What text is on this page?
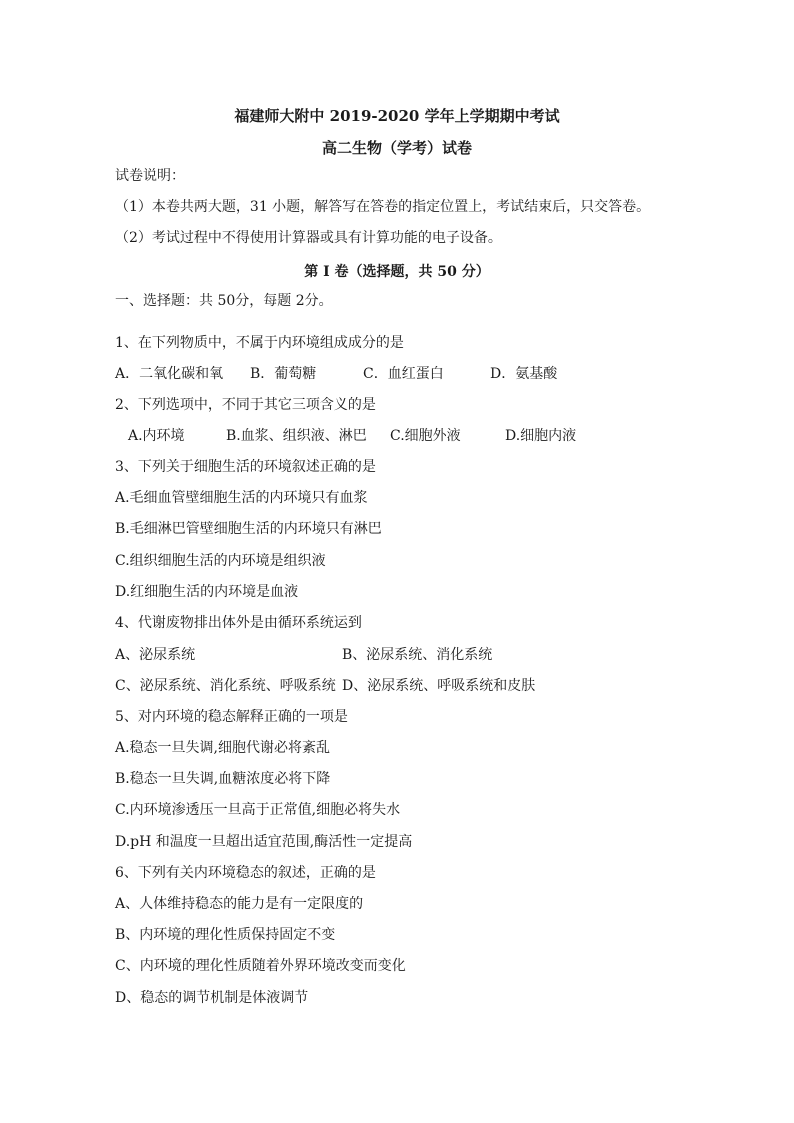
福建师大附中 2019-2020 学年上学期期中考试
高二生物（学考）试卷
试卷说明：
（1）本卷共两大题，31 小题，解答写在答卷的指定位置上，考试结束后，只交答卷。
（2）考试过程中不得使用计算器或具有计算功能的电子设备。
第 I 卷（选择题，共 50 分）
一、选择题：共 50分，每题 2分。
1、在下列物质中，不属于内环境组成成分的是
A．二氧化碳和氧 B．葡萄糖	C．血红蛋白	D．氨基酸
2、下列选项中，不同于其它三项含义的是
A.内环境	B.血浆、组织液、淋巴 C.细胞外液	D.细胞内液
3、下列关于细胞生活的环境叙述正确的是
A.毛细血管壁细胞生活的内环境只有血浆
B.毛细淋巴管壁细胞生活的内环境只有淋巴
C.组织细胞生活的内环境是组织液
D.红细胞生活的内环境是血液
4、代谢废物排出体外是由循环系统运到
A、泌尿系统	B、泌尿系统、消化系统
C、泌尿系统、消化系统、呼吸系统 D、泌尿系统、呼吸系统和皮肤
5、对内环境的稳态解释正确的一项是
A.稳态一旦失调,细胞代谢必将紊乱
B.稳态一旦失调,血糖浓度必将下降
C.内环境渗透压一旦高于正常值,细胞必将失水
D.pH 和温度一旦超出适宜范围,酶活性一定提高
6、下列有关内环境稳态的叙述，正确的是
A、人体维持稳态的能力是有一定限度的
B、内环境的理化性质保持固定不变
C、内环境的理化性质随着外界环境改变而变化
D、稳态的调节机制是体液调节
